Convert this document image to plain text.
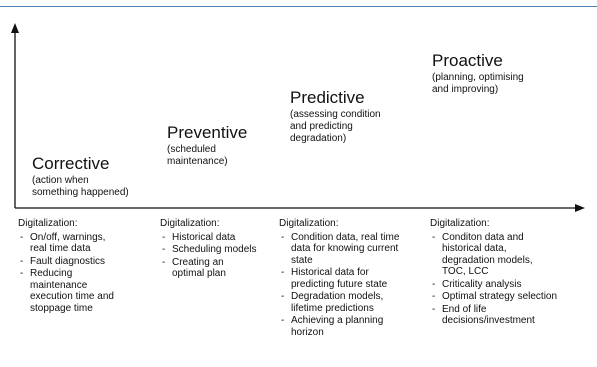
Corrective

(action when
something happened)

Preventive

(scheduled
maintenance)

Predictive

(assessing condition
and predicting
degradation)

Proactive

(planning, optimising
and improving)

Digitalization:

- On/off, warnings,
real time data
- Fault diagnostics
- Reducing
maintenance
execution time and
stoppage time

Digitalization:

- Historical data
- Scheduling models
- Creating an
optimal plan

Digitalization:

- Condition data, real time
data for knowing current
state
- Historical data for
predicting future state
- Degradation models,
lifetime predictions
- Achieving a planning
horizon

Digitalization:

- Conditon data and
historical data,
degradation models,
TOC, LCC
- Criticality analysis
- Optimal strategy selection
- End of life
decisions/investment
